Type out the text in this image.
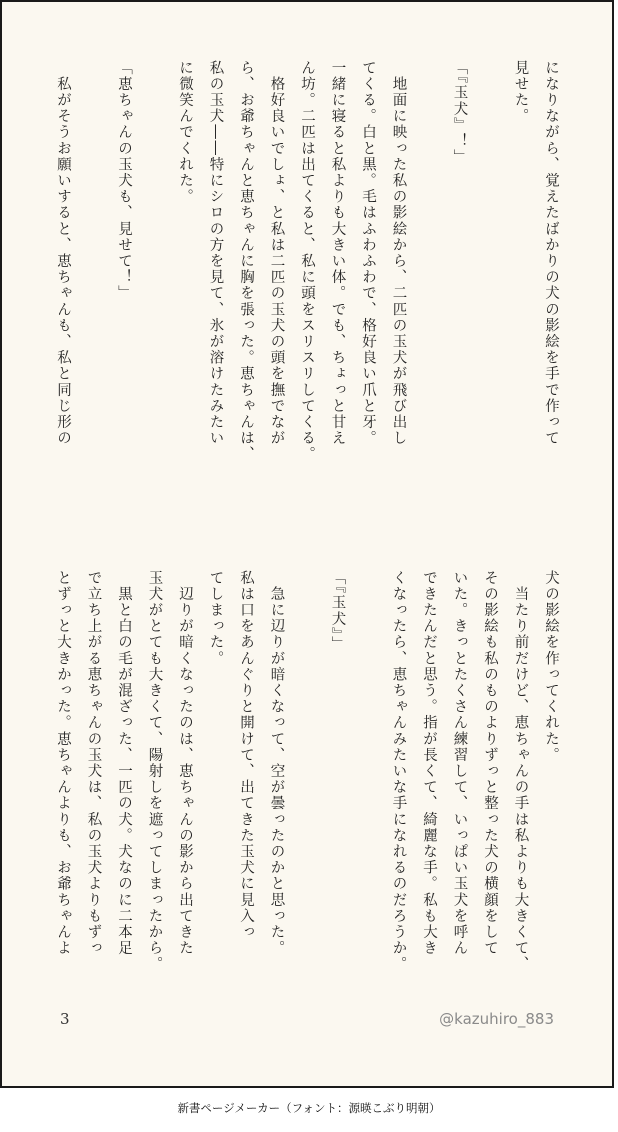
になりながら、覚えたばかりの犬の影絵を手で作って

見せた。

「『玉犬』！」

　地面に映った私の影絵から、二匹の玉犬が飛び出し

てくる。白と黒。毛はふわふわで、格好良い爪と牙。

一緒に寝ると私よりも大きい体。でも、ちょっと甘え

ん坊。二匹は出てくると、私に頭をスリスリしてくる。

　格好良いでしょ、と私は二匹の玉犬の頭を撫でなが

ら、お爺ちゃんと恵ちゃんに胸を張った。恵ちゃんは、

私の玉犬――特にシロの方を見て、氷が溶けたみたい

に微笑んでくれた。

「恵ちゃんの玉犬も、見せて！」

　私がそうお願いすると、恵ちゃんも、私と同じ形の

犬の影絵を作ってくれた。

　当たり前だけど、恵ちゃんの手は私よりも大きくて、

その影絵も私のものよりずっと整った犬の横顔をして

いた。きっとたくさん練習して、いっぱい玉犬を呼ん

できたんだと思う。指が長くて、綺麗な手。私も大き

くなったら、恵ちゃんみたいな手になれるのだろうか。

「『玉犬』」

　急に辺りが暗くなって、空が曇ったのかと思った。

私は口をあんぐりと開けて、出てきた玉犬に見入っ

てしまった。

　辺りが暗くなったのは、恵ちゃんの影から出てきた

玉犬がとても大きくて、陽射しを遮ってしまったから。

　黒と白の毛が混ざった、一匹の犬。犬なのに二本足

で立ち上がる恵ちゃんの玉犬は、私の玉犬よりもずっ

とずっと大きかった。恵ちゃんよりも、お爺ちゃんよ

3	@kazuhiro_883
新書ページメーカー（フォント：源暎こぶり明朝）
